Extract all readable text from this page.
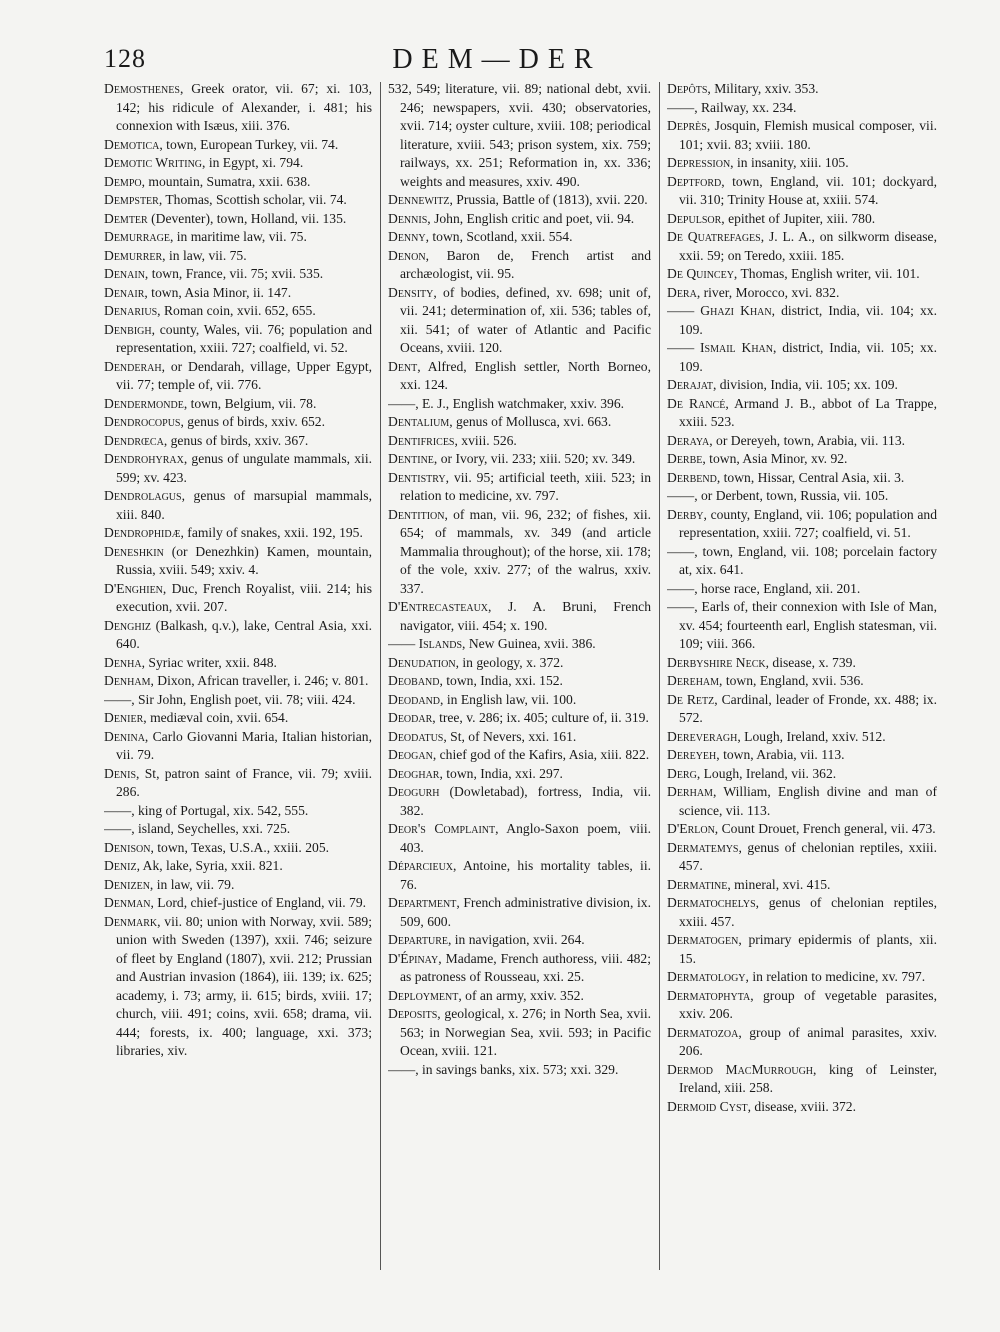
128	DEM—DER

Demosthenes, Greek orator, vii. 67; xi. 103, 142; his ridicule of Alexander, i. 481; his connexion with Isæus, xiii. 376.

Demotica, town, European Turkey, vii. 74.

Demotic Writing, in Egypt, xi. 794.

Dempo, mountain, Sumatra, xxii. 638.

Dempster, Thomas, Scottish scholar, vii. 74.

Demter (Deventer), town, Holland, vii. 135.

Demurrage, in maritime law, vii. 75.

Demurrer, in law, vii. 75.

Denain, town, France, vii. 75; xvii. 535.

Denair, town, Asia Minor, ii. 147.

Denarius, Roman coin, xvii. 652, 655.

Denbigh, county, Wales, vii. 76; population and representation, xxiii. 727; coalfield, vi. 52.

Denderah, or Dendarah, village, Upper Egypt, vii. 77; temple of, vii. 776.

Dendermonde, town, Belgium, vii. 78.

Dendrocopus, genus of birds, xxiv. 652.

Dendrœca, genus of birds, xxiv. 367.

Dendrohyrax, genus of ungulate mammals, xii. 599; xv. 423.

Dendrolagus, genus of marsupial mammals, xiii. 840.

Dendrophidæ, family of snakes, xxii. 192, 195.

Deneshkin (or Denezhkin) Kamen, mountain, Russia, xviii. 549; xxiv. 4.

D'Enghien, Duc, French Royalist, viii. 214; his execution, xvii. 207.

Denghiz (Balkash, q.v.), lake, Central Asia, xxi. 640.

Denha, Syriac writer, xxii. 848.

Denham, Dixon, African traveller, i. 246; v. 801.

——, Sir John, English poet, vii. 78; viii. 424.

Denier, mediæval coin, xvii. 654.

Denina, Carlo Giovanni Maria, Italian historian, vii. 79.

Denis, St, patron saint of France, vii. 79; xviii. 286.

——, king of Portugal, xix. 542, 555.

——, island, Seychelles, xxi. 725.

Denison, town, Texas, U.S.A., xxiii. 205.

Deniz, Ak, lake, Syria, xxii. 821.

Denizen, in law, vii. 79.

Denman, Lord, chief-justice of England, vii. 79.

Denmark, vii. 80; union with Norway, xvii. 589; union with Sweden (1397), xxii. 746; seizure of fleet by England (1807), xvii. 212; Prussian and Austrian invasion (1864), iii. 139; ix. 625; academy, i. 73; army, ii. 615; birds, xviii. 17; church, viii. 491; coins, xvii. 658; drama, vii. 444; forests, ix. 400; language, xxi. 373; libraries, xiv.

532, 549; literature, vii. 89; national debt, xvii. 246; newspapers, xvii. 430; observatories, xvii. 714; oyster culture, xviii. 108; periodical literature, xviii. 543; prison system, xix. 759; railways, xx. 251; Reformation in, xx. 336; weights and measures, xxiv. 490.

Dennewitz, Prussia, Battle of (1813), xvii. 220.

Dennis, John, English critic and poet, vii. 94.

Denny, town, Scotland, xxii. 554.

Denon, Baron de, French artist and archæologist, vii. 95.

Density, of bodies, defined, xv. 698; unit of, vii. 241; determination of, xii. 536; tables of, xii. 541; of water of Atlantic and Pacific Oceans, xviii. 120.

Dent, Alfred, English settler, North Borneo, xxi. 124.

——, E. J., English watchmaker, xxiv. 396.

Dentalium, genus of Mollusca, xvi. 663.

Dentifrices, xviii. 526.

Dentine, or Ivory, vii. 233; xiii. 520; xv. 349.

Dentistry, vii. 95; artificial teeth, xiii. 523; in relation to medicine, xv. 797.

Dentition, of man, vii. 96, 232; of fishes, xii. 654; of mammals, xv. 349 (and article Mammalia throughout); of the horse, xii. 178; of the vole, xxiv. 277; of the walrus, xxiv. 337.

D'Entrecasteaux, J. A. Bruni, French navigator, viii. 454; x. 190.

—— Islands, New Guinea, xvii. 386.

Denudation, in geology, x. 372.

Deoband, town, India, xxi. 152.

Deodand, in English law, vii. 100.

Deodar, tree, v. 286; ix. 405; culture of, ii. 319.

Deodatus, St, of Nevers, xxi. 161.

Deogan, chief god of the Kafirs, Asia, xiii. 822.

Deoghar, town, India, xxi. 297.

Deogurh (Dowletabad), fortress, India, vii. 382.

Deor's Complaint, Anglo-Saxon poem, viii. 403.

Déparcieux, Antoine, his mortality tables, ii. 76.

Department, French administrative division, ix. 509, 600.

Departure, in navigation, xvii. 264.

D'Épinay, Madame, French authoress, viii. 482; as patroness of Rousseau, xxi. 25.

Deployment, of an army, xxiv. 352.

Deposits, geological, x. 276; in North Sea, xvii. 563; in Norwegian Sea, xvii. 593; in Pacific Ocean, xviii. 121.

——, in savings banks, xix. 573; xxi. 329.

Depôts, Military, xxiv. 353.

——, Railway, xx. 234.

Deprès, Josquin, Flemish musical composer, vii. 101; xvii. 83; xviii. 180.

Depression, in insanity, xiii. 105.

Deptford, town, England, vii. 101; dockyard, vii. 310; Trinity House at, xxiii. 574.

Depulsor, epithet of Jupiter, xiii. 780.

De Quatrefages, J. L. A., on silkworm disease, xxii. 59; on Teredo, xxiii. 185.

De Quincey, Thomas, English writer, vii. 101.

Dera, river, Morocco, xvi. 832.

—— Ghazi Khan, district, India, vii. 104; xx. 109.

—— Ismail Khan, district, India, vii. 105; xx. 109.

Derajat, division, India, vii. 105; xx. 109.

De Rancé, Armand J. B., abbot of La Trappe, xxiii. 523.

Deraya, or Dereyeh, town, Arabia, vii. 113.

Derbe, town, Asia Minor, xv. 92.

Derbend, town, Hissar, Central Asia, xii. 3.

——, or Derbent, town, Russia, vii. 105.

Derby, county, England, vii. 106; population and representation, xxiii. 727; coalfield, vi. 51.

——, town, England, vii. 108; porcelain factory at, xix. 641.

——, horse race, England, xii. 201.

——, Earls of, their connexion with Isle of Man, xv. 454; fourteenth earl, English statesman, vii. 109; viii. 366.

Derbyshire Neck, disease, x. 739.

Dereham, town, England, xvii. 536.

De Retz, Cardinal, leader of Fronde, xx. 488; ix. 572.

Dereveragh, Lough, Ireland, xxiv. 512.

Dereyeh, town, Arabia, vii. 113.

Derg, Lough, Ireland, vii. 362.

Derham, William, English divine and man of science, vii. 113.

D'Erlon, Count Drouet, French general, vii. 473.

Dermatemys, genus of chelonian reptiles, xxiii. 457.

Dermatine, mineral, xvi. 415.

Dermatochelys, genus of chelonian reptiles, xxiii. 457.

Dermatogen, primary epidermis of plants, xii. 15.

Dermatology, in relation to medicine, xv. 797.

Dermatophyta, group of vegetable parasites, xxiv. 206.

Dermatozoa, group of animal parasites, xxiv. 206.

Dermod MacMurrough, king of Leinster, Ireland, xiii. 258.

Dermoid Cyst, disease, xviii. 372.
